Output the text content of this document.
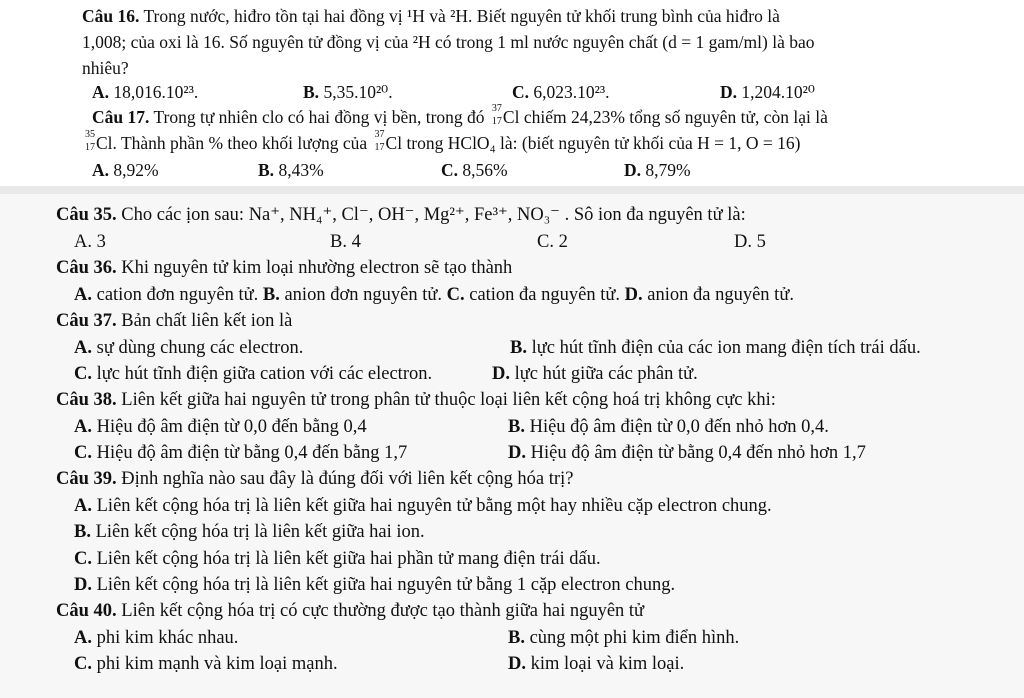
Câu 16. Trong nước, hiđro tồn tại hai đồng vị ¹H và ²H. Biết nguyên tử khối trung bình của hiđro là
1,008; của oxi là 16. Số nguyên tử đồng vị của ²H có trong 1 ml nước nguyên chất (d = 1 gam/ml) là bao
nhiêu?
A. 18,016.10²³.	B. 5,35.10²⁰.	C. 6,023.10²³.	D. 1,204.10²⁰
Câu 17. Trong tự nhiên clo có hai đồng vị bền, trong đó 37
17 Cl chiếm 24,23% tổng số nguyên tử, còn lại là
35
17 Cl. Thành phần % theo khối lượng của 37
17 Cl trong HClO₄ là: (biết nguyên tử khối của H = 1, O = 16)
A. 8,92%	B. 8,43%	C. 8,56%	D. 8,79%
Câu 35. Cho các ịon sau: Na⁺, NH₄⁺, Cl⁻, OH⁻, Mg²⁺, Fe³⁺, NO₃⁻ . Sô ion đa nguyên tử là:
A. 3	B. 4	C. 2	D. 5
Câu 36. Khi nguyên tử kim loại nhường electron sẽ tạo thành
A. cation đơn nguyên tử. B. anion đơn nguyên tử. C. cation đa nguyên tử. D. anion đa nguyên tử.
Câu 37. Bản chất liên kết ion là
A. sự dùng chung các electron.	B. lực hút tĩnh điện của các ion mang điện tích trái dấu.
C. lực hút tĩnh điện giữa cation với các electron.	D. lực hút giữa các phân tử.
Câu 38. Liên kết giữa hai nguyên tử trong phân tử thuộc loại liên kết cộng hoá trị không cực khi:
A. Hiệu độ âm điện từ 0,0 đến bằng 0,4	B. Hiệu độ âm điện từ 0,0 đến nhỏ hơn 0,4.
C. Hiệu độ âm điện từ bằng 0,4 đến bằng 1,7	D. Hiệu độ âm điện từ bằng 0,4 đến nhỏ hơn 1,7
Câu 39. Định nghĩa nào sau đây là đúng đối với liên kết cộng hóa trị?
A. Liên kết cộng hóa trị là liên kết giữa hai nguyên tử bằng một hay nhiều cặp electron chung.
B. Liên kết cộng hóa trị là liên kết giữa hai ion.
C. Liên kết cộng hóa trị là liên kết giữa hai phần tử mang điện trái dấu.
D. Liên kết cộng hóa trị là liên kết giữa hai nguyên tử bằng 1 cặp electron chung.
Câu 40. Liên kết cộng hóa trị có cực thường được tạo thành giữa hai nguyên tử
A. phi kim khác nhau.	B. cùng một phi kim điển hình.
C. phi kim mạnh và kim loại mạnh.	D. kim loại và kim loại.
